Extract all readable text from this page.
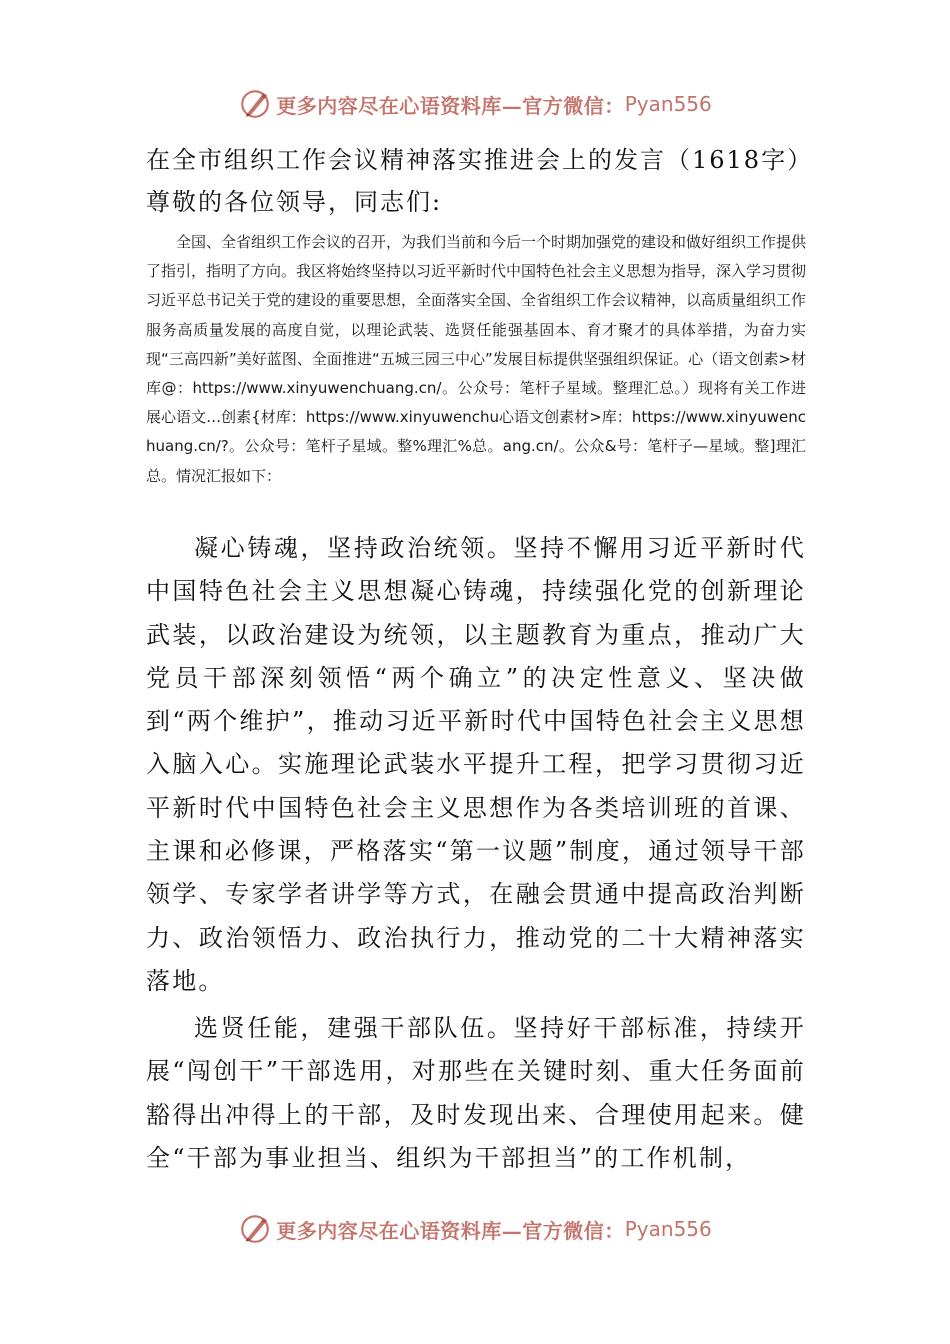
更多内容尽在心语资料库—官方微信： Pyan556
在全市组织工作会议精神落实推进会上的发言（1618字）
尊敬的各位领导，同志们:
全国、全省组织工作会议的召开，为我们当前和今后一个时期加强党的建设和做好组织工作提供了指引，指明了方向。我区将始终坚持以习近平新时代中国特色社会主义思想为指导，深入学习贯彻习近平总书记关于党的建设的重要思想，全面落实全国、全省组织工作会议精神，以高质量组织工作服务高质量发展的高度自觉，以理论武装、选贤任能强基固本、育才聚才的具体举措，为奋力实现“三高四新”美好蓝图、全面推进“五城三园三中心”发展目标提供坚强组织保证。心（语文创素>材库@：https://www.xinyuwenchuang.cn/。公众号：笔杆子星域。整理汇总。）现将有关工作进展心语文…创素{材库：https://www.xinyuwenchu心语文创素材>库：https://www.xinyuwenchuang.cn/?。公众号：笔杆子星域。整%理汇%总。ang.cn/。公众&号：笔杆子—星域。整]理汇总。情况汇报如下：
凝心铸魂，坚持政治统领。坚持不懈用习近平新时代中国特色社会主义思想凝心铸魂，持续强化党的创新理论武装，以政治建设为统领，以主题教育为重点，推动广大党员干部深刻领悟“两个确立”的决定性意义、坚决做到“两个维护”，推动习近平新时代中国特色社会主义思想入脑入心。实施理论武装水平提升工程，把学习贯彻习近平新时代中国特色社会主义思想作为各类培训班的首课、主课和必修课，严格落实“第一议题”制度，通过领导干部领学、专家学者讲学等方式，在融会贯通中提高政治判断力、政治领悟力、政治执行力，推动党的二十大精神落实落地。
选贤任能，建强干部队伍。坚持好干部标准，持续开展“闯创干”干部选用，对那些在关键时刻、重大任务面前豁得出冲得上的干部，及时发现出来、合理使用起来。健全“干部为事业担当、组织为干部担当”的工作机制，
更多内容尽在心语资料库—官方微信： Pyan556
